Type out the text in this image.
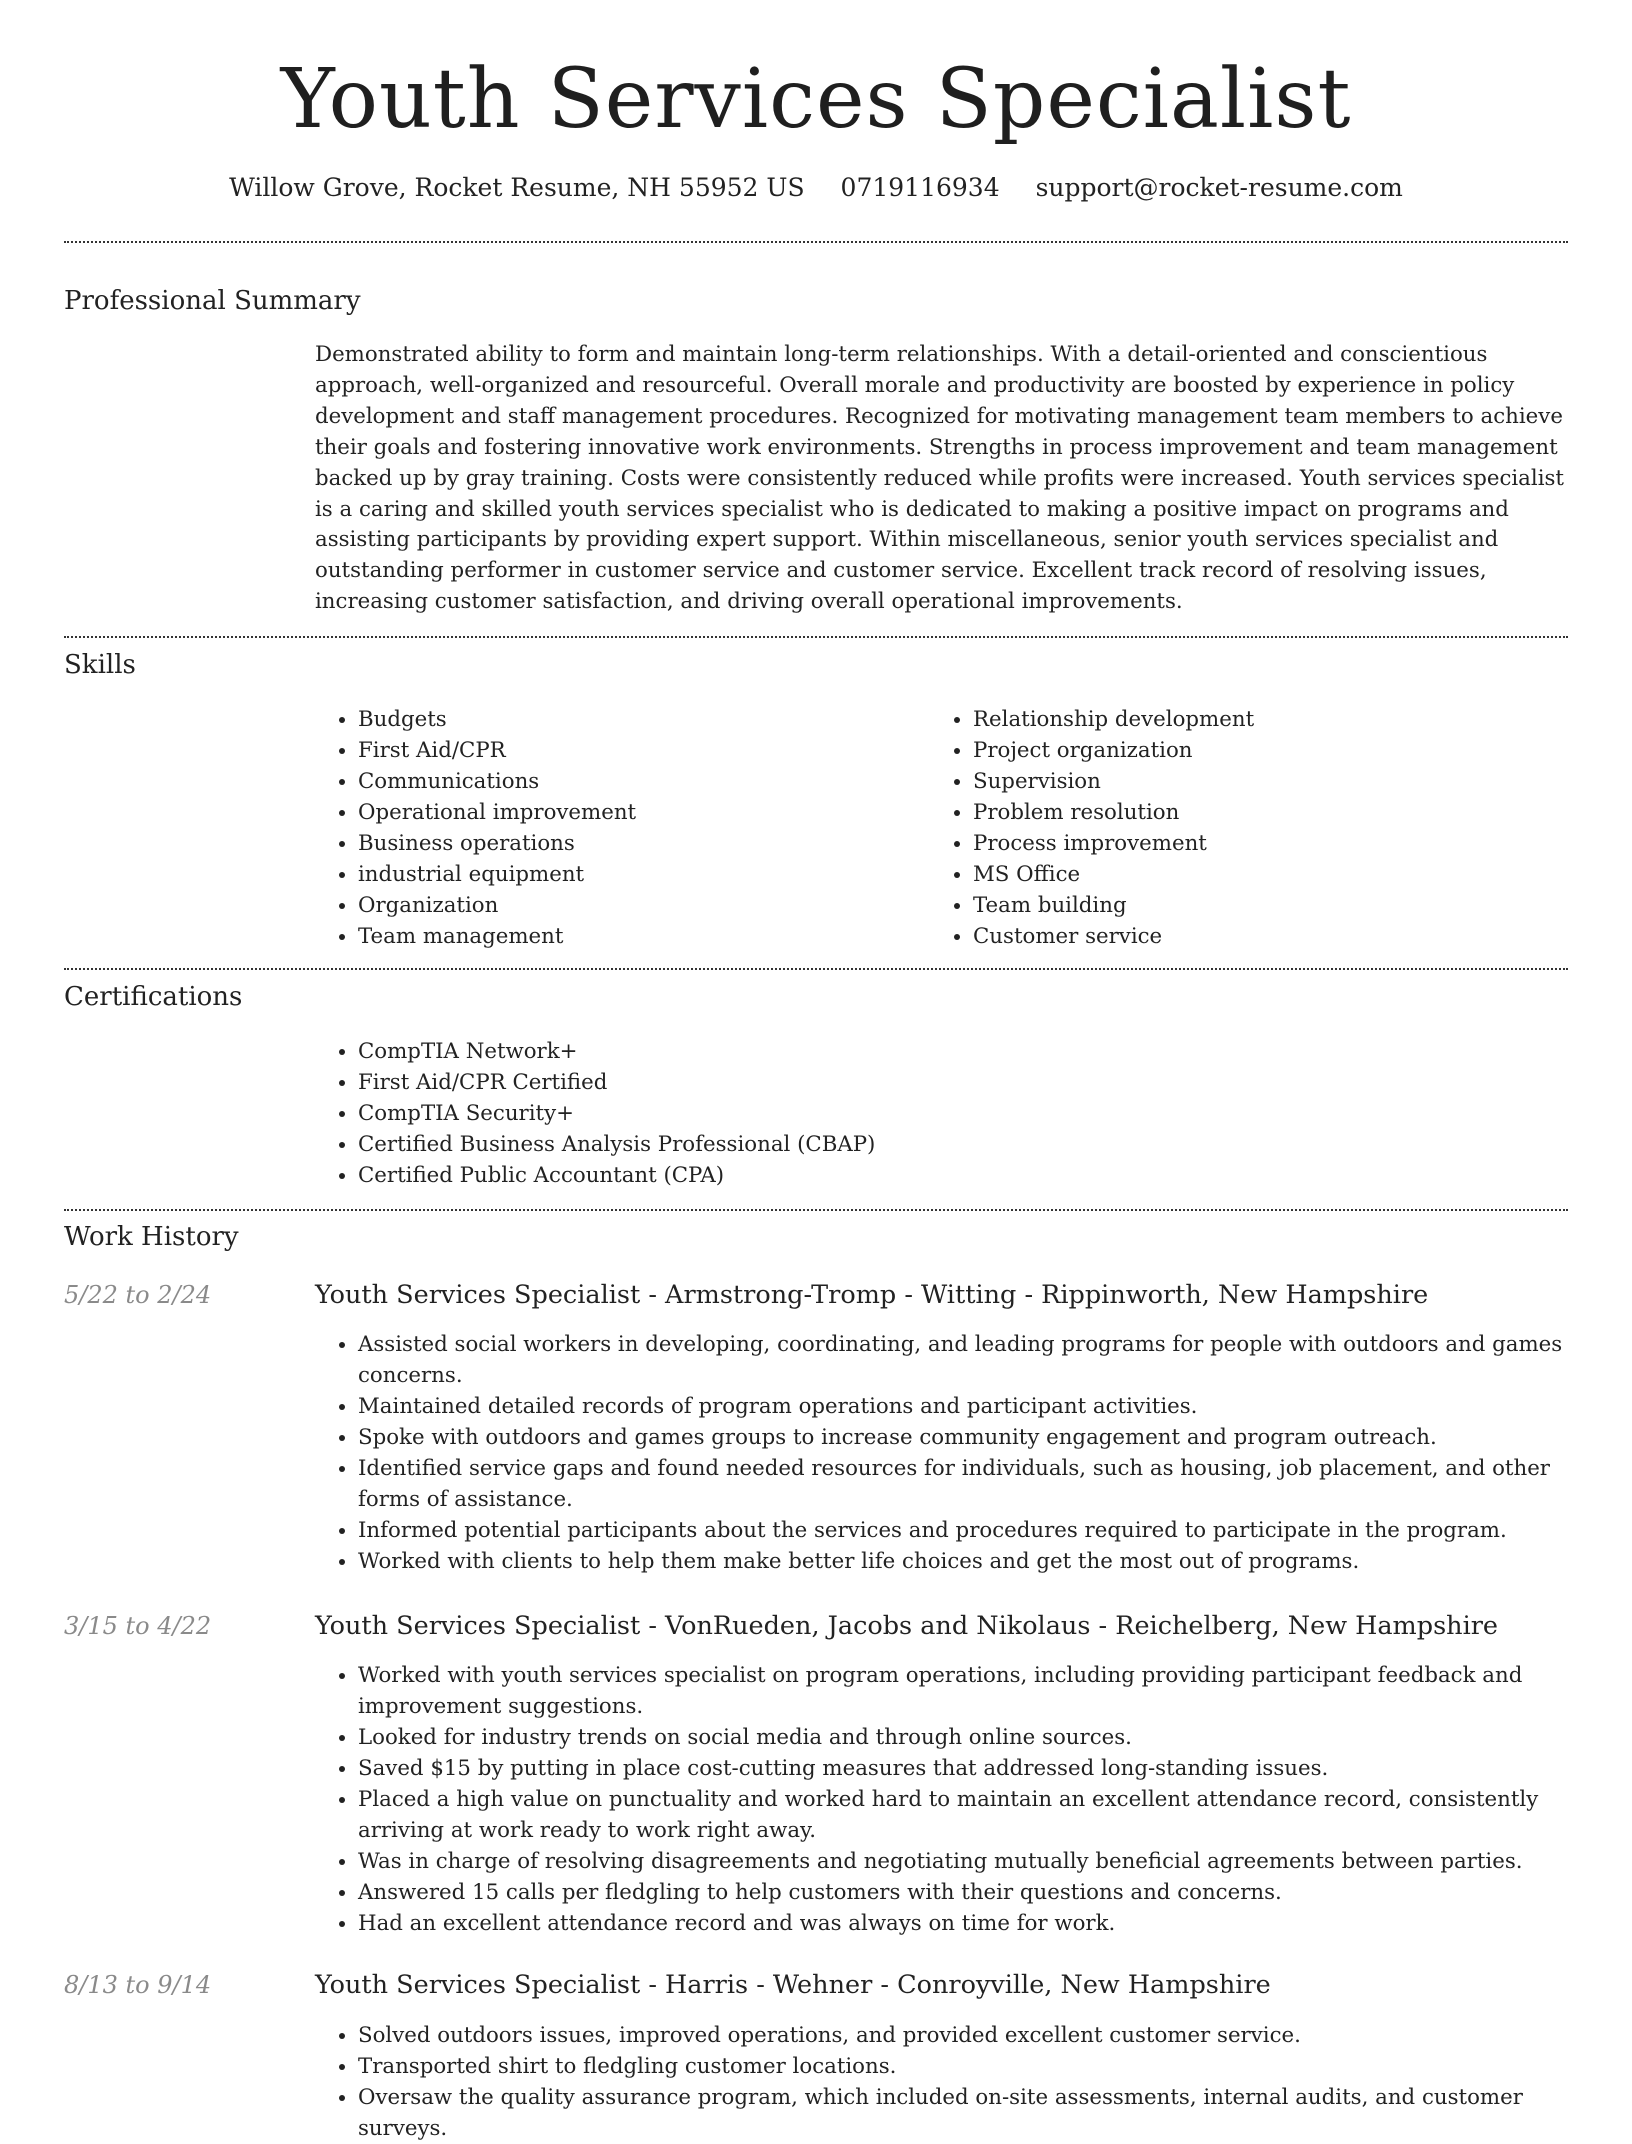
Youth Services Specialist
Willow Grove, Rocket Resume, NH 55952 US 0719116934 support@rocket-resume.com
Professional Summary
Demonstrated ability to form and maintain long-term relationships. With a detail-oriented and conscientious approach, well-organized and resourceful. Overall morale and productivity are boosted by experience in policy development and staff management procedures. Recognized for motivating management team members to achieve their goals and fostering innovative work environments. Strengths in process improvement and team management backed up by gray training. Costs were consistently reduced while profits were increased. Youth services specialist is a caring and skilled youth services specialist who is dedicated to making a positive impact on programs and assisting participants by providing expert support. Within miscellaneous, senior youth services specialist and outstanding performer in customer service and customer service. Excellent track record of resolving issues, increasing customer satisfaction, and driving overall operational improvements.
Skills
• Budgets
• First Aid/CPR
• Communications
• Operational improvement
• Business operations
• industrial equipment
• Organization
• Team management
• Relationship development
• Project organization
• Supervision
• Problem resolution
• Process improvement
• MS Office
• Team building
• Customer service
Certifications
• CompTIA Network+
• First Aid/CPR Certified
• CompTIA Security+
• Certified Business Analysis Professional (CBAP)
• Certified Public Accountant (CPA)
Work History
5/22 to 2/24	Youth Services Specialist - Armstrong-Tromp - Witting - Rippinworth, New Hampshire
• Assisted social workers in developing, coordinating, and leading programs for people with outdoors and games concerns.
• Maintained detailed records of program operations and participant activities.
• Spoke with outdoors and games groups to increase community engagement and program outreach.
• Identified service gaps and found needed resources for individuals, such as housing, job placement, and other forms of assistance.
• Informed potential participants about the services and procedures required to participate in the program.
• Worked with clients to help them make better life choices and get the most out of programs.
3/15 to 4/22	Youth Services Specialist - VonRueden, Jacobs and Nikolaus - Reichelberg, New Hampshire
• Worked with youth services specialist on program operations, including providing participant feedback and improvement suggestions.
• Looked for industry trends on social media and through online sources.
• Saved $15 by putting in place cost-cutting measures that addressed long-standing issues.
• Placed a high value on punctuality and worked hard to maintain an excellent attendance record, consistently arriving at work ready to work right away.
• Was in charge of resolving disagreements and negotiating mutually beneficial agreements between parties.
• Answered 15 calls per fledgling to help customers with their questions and concerns.
• Had an excellent attendance record and was always on time for work.
8/13 to 9/14	Youth Services Specialist - Harris - Wehner - Conroyville, New Hampshire
• Solved outdoors issues, improved operations, and provided excellent customer service.
• Transported shirt to fledgling customer locations.
• Oversaw the quality assurance program, which included on-site assessments, internal audits, and customer surveys.
